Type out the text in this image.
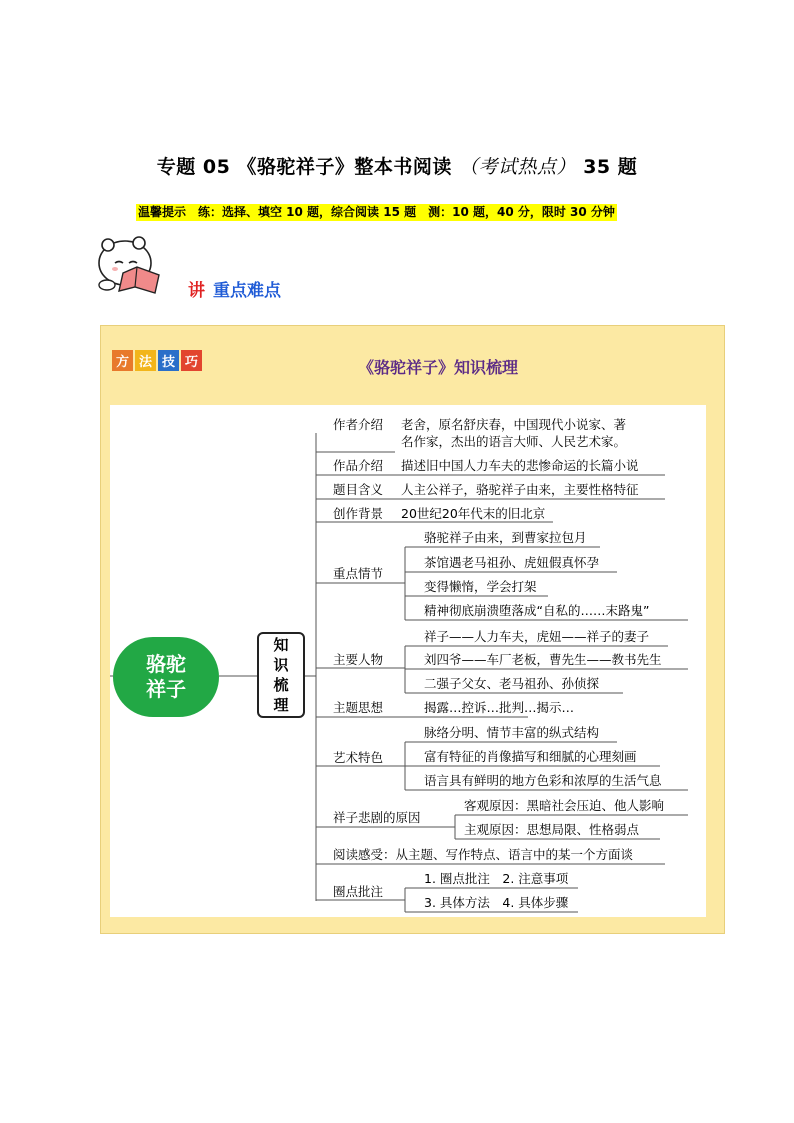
专题 05 《骆驼祥子》整本书阅读 （考试热点） 35 题
温馨提示　练：选择、填空 10 题，综合阅读 15 题　测：10 题，40 分，限时 30 分钟
讲 重点难点
方 法 技 巧	《骆驼祥子》知识梳理
骆驼
祥子
知
识
梳
理
作者介绍 老舍，原名舒庆春，中国现代小说家、著
名作家，杰出的语言大师、人民艺术家。
作品介绍 描述旧中国人力车夫的悲惨命运的长篇小说
题目含义 人主公祥子，骆驼祥子由来，主要性格特征
创作背景 20世纪20年代末的旧北京
重点情节
骆驼祥子由来，到曹家拉包月
茶馆遇老马祖孙、虎妞假真怀孕
变得懒惰，学会打架
精神彻底崩溃堕落成“自私的……末路鬼”
主要人物
祥子——人力车夫，虎妞——祥子的妻子
刘四爷——车厂老板，曹先生——教书先生
二强子父女、老马祖孙、孙侦探
主题思想	揭露…控诉…批判…揭示…
艺术特色
脉络分明、情节丰富的纵式结构
富有特征的肖像描写和细腻的心理刻画
语言具有鲜明的地方色彩和浓厚的生活气息
祥子悲剧的原因
客观原因：黑暗社会压迫、他人影响
主观原因：思想局限、性格弱点
阅读感受：从主题、写作特点、语言中的某一个方面谈
圈点批注
1. 圈点批注　2. 注意事项
3. 具体方法　4. 具体步骤
